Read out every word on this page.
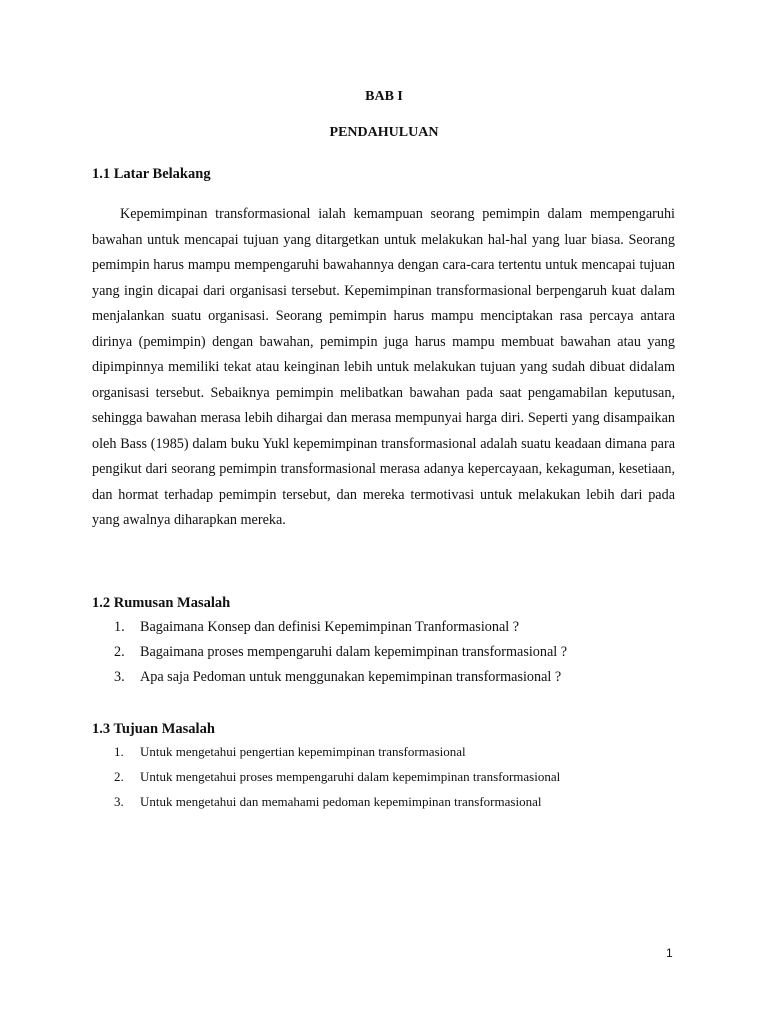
BAB I
PENDAHULUAN
1.1 Latar Belakang

Kepemimpinan transformasional ialah kemampuan seorang pemimpin dalam mempengaruhi bawahan untuk mencapai tujuan yang ditargetkan untuk melakukan hal-hal yang luar biasa. Seorang pemimpin harus mampu mempengaruhi bawahannya dengan cara-cara tertentu untuk mencapai tujuan yang ingin dicapai dari organisasi tersebut. Kepemimpinan transformasional berpengaruh kuat dalam menjalankan suatu organisasi. Seorang pemimpin harus mampu menciptakan rasa percaya antara dirinya (pemimpin) dengan bawahan, pemimpin juga harus mampu membuat bawahan atau yang dipimpinnya memiliki tekat atau keinginan lebih untuk melakukan tujuan yang sudah dibuat didalam organisasi tersebut. Sebaiknya pemimpin melibatkan bawahan pada saat pengamabilan keputusan, sehingga bawahan merasa lebih dihargai dan merasa mempunyai harga diri. Seperti yang disampaikan oleh Bass (1985) dalam buku Yukl kepemimpinan transformasional adalah suatu keadaan dimana para pengikut dari seorang pemimpin transformasional merasa adanya kepercayaan, kekaguman, kesetiaan, dan hormat terhadap pemimpin tersebut, dan mereka termotivasi untuk melakukan lebih dari pada yang awalnya diharapkan mereka.

1.2 Rumusan Masalah
1.	Bagaimana Konsep dan definisi Kepemimpinan Tranformasional ?
2.	Bagaimana proses mempengaruhi dalam kepemimpinan transformasional ?
3.	Apa saja Pedoman untuk menggunakan kepemimpinan transformasional ?
1.3 Tujuan Masalah
1.	Untuk mengetahui pengertian kepemimpinan transformasional
2.	Untuk mengetahui proses mempengaruhi dalam kepemimpinan transformasional
3.	Untuk mengetahui dan memahami pedoman kepemimpinan transformasional
1
